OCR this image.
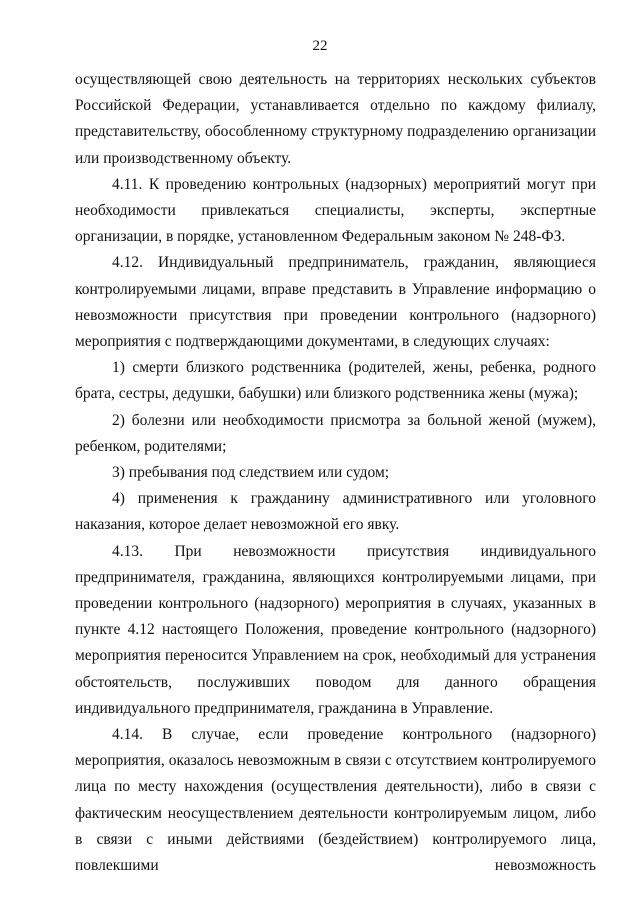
22

осуществляющей свою деятельность на территориях нескольких субъектов Российской Федерации, устанавливается отдельно по каждому филиалу, представительству, обособленному структурному подразделению организации или производственному объекту.

4.11. К проведению контрольных (надзорных) мероприятий могут при необходимости привлекаться специалисты, эксперты, экспертные организации, в порядке, установленном Федеральным законом № 248-ФЗ.

4.12. Индивидуальный предприниматель, гражданин, являющиеся контролируемыми лицами, вправе представить в Управление информацию о невозможности присутствия при проведении контрольного (надзорного) мероприятия с подтверждающими документами, в следующих случаях:

1) смерти близкого родственника (родителей, жены, ребенка, родного брата, сестры, дедушки, бабушки) или близкого родственника жены (мужа);

2) болезни или необходимости присмотра за больной женой (мужем), ребенком, родителями;

3) пребывания под следствием или судом;

4) применения к гражданину административного или уголовного наказания, которое делает невозможной его явку.

4.13. При невозможности присутствия индивидуального предпринимателя, гражданина, являющихся контролируемыми лицами, при проведении контрольного (надзорного) мероприятия в случаях, указанных в пункте 4.12 настоящего Положения, проведение контрольного (надзорного) мероприятия переносится Управлением на срок, необходимый для устранения обстоятельств, послуживших поводом для данного обращения индивидуального предпринимателя, гражданина в Управление.

4.14. В случае, если проведение контрольного (надзорного) мероприятия, оказалось невозможным в связи с отсутствием контролируемого лица по месту нахождения (осуществления деятельности), либо в связи с фактическим неосуществлением деятельности контролируемым лицом, либо в связи с иными действиями (бездействием) контролируемого лица, повлекшими невозможность
